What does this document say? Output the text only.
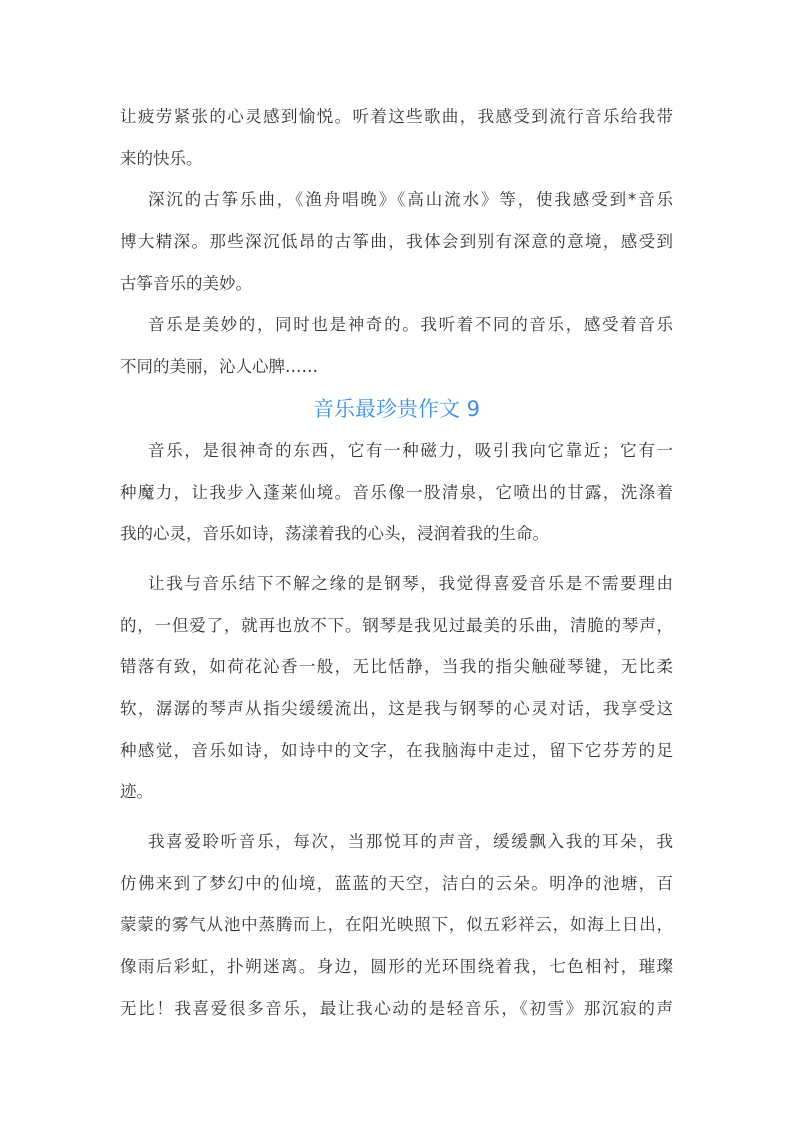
让疲劳紧张的心灵感到愉悦。听着这些歌曲，我感受到流行音乐给我带
来的快乐。
深沉的古筝乐曲，《渔舟唱晚》《高山流水》等，使我感受到*音乐
博大精深。那些深沉低昂的古筝曲，我体会到别有深意的意境，感受到
古筝音乐的美妙。
音乐是美妙的，同时也是神奇的。我听着不同的音乐，感受着音乐
不同的美丽，沁人心脾……
音乐最珍贵作文 9
音乐，是很神奇的东西，它有一种磁力，吸引我向它靠近；它有一
种魔力，让我步入蓬莱仙境。音乐像一股清泉，它喷出的甘露，洗涤着
我的心灵，音乐如诗，荡漾着我的心头，浸润着我的生命。
让我与音乐结下不解之缘的是钢琴，我觉得喜爱音乐是不需要理由
的，一但爱了，就再也放不下。钢琴是我见过最美的乐曲，清脆的琴声，
错落有致，如荷花沁香一般，无比恬静，当我的指尖触碰琴键，无比柔
软，潺潺的琴声从指尖缓缓流出，这是我与钢琴的心灵对话，我享受这
种感觉，音乐如诗，如诗中的文字，在我脑海中走过，留下它芬芳的足
迹。
我喜爱聆听音乐，每次，当那悦耳的声音，缓缓飘入我的耳朵，我
仿佛来到了梦幻中的仙境，蓝蓝的天空，洁白的云朵。明净的池塘，百
蒙蒙的雾气从池中蒸腾而上，在阳光映照下，似五彩祥云，如海上日出，
像雨后彩虹，扑朔迷离。身边，圆形的光环围绕着我，七色相衬，璀璨
无比！我喜爱很多音乐，最让我心动的是轻音乐，《初雪》那沉寂的声
